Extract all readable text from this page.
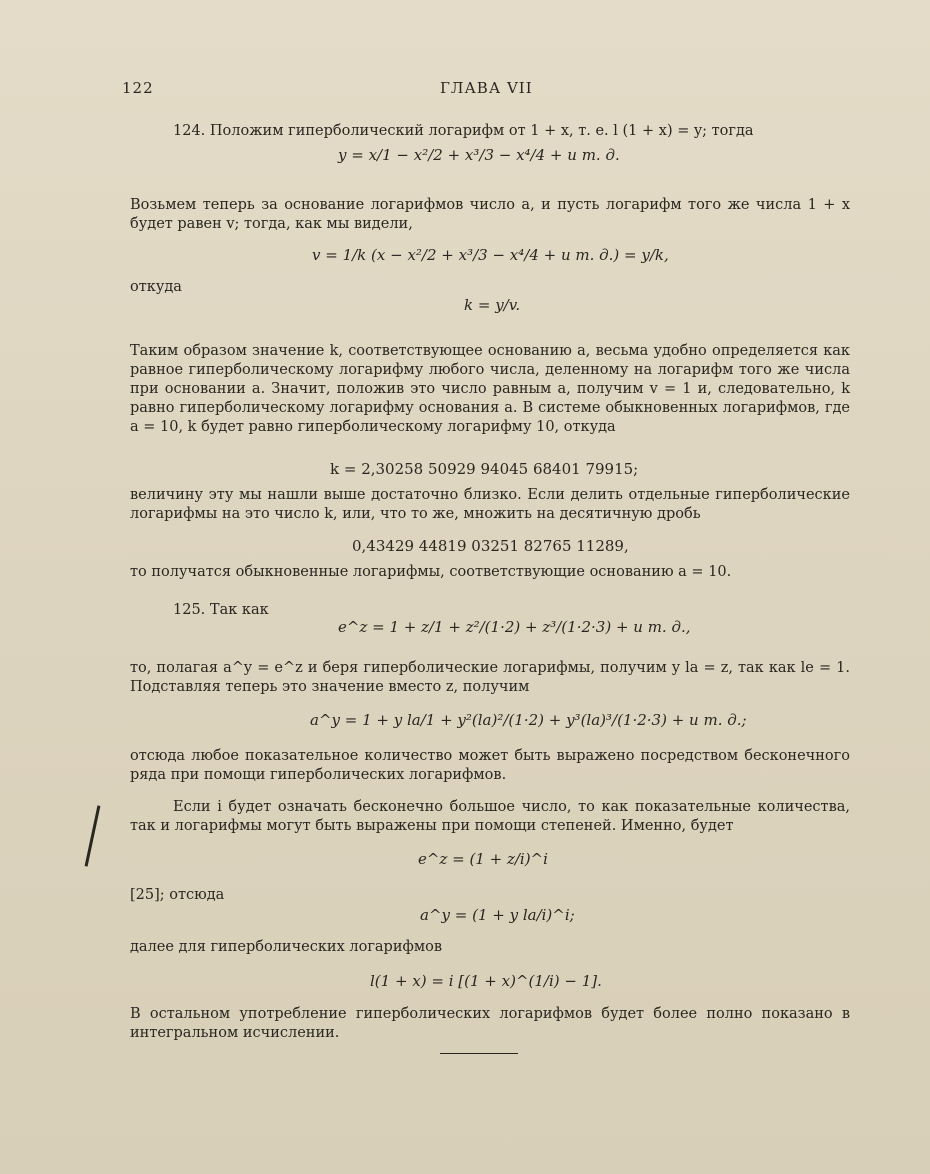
122	ГЛАВА VII
124. Положим гиперболический логарифм от 1 + x, т. е. l (1 + x) = y; тогда
y = x/1 − x²/2 + x³/3 − x⁴/4 + и т. д.
Возьмем теперь за основание логарифмов число a, и пусть логарифм того же числа 1 + x будет равен v; тогда, как мы видели,
v = 1/k (x − x²/2 + x³/3 − x⁴/4 + и т. д.) = y/k,
откуда
k = y/v.
Таким образом значение k, соответствующее основанию a, весьма удобно определяется как равное гиперболическому логарифму любого числа, деленному на логарифм того же числа при основании a. Значит, положив это число равным a, получим v = 1 и, следовательно, k равно гиперболическому логарифму основания a. В системе обыкновенных логарифмов, где a = 10, k будет равно гиперболическому логарифму 10, откуда
k = 2,30258 50929 94045 68401 79915;
величину эту мы нашли выше достаточно близко. Если делить отдельные гиперболические логарифмы на это число k, или, что то же, множить на десятичную дробь
0,43429 44819 03251 82765 11289,
то получатся обыкновенные логарифмы, соответствующие основанию a = 10.
125. Так как
e^z = 1 + z/1 + z²/(1·2) + z³/(1·2·3) + и т. д.,
то, полагая a^y = e^z и беря гиперболические логарифмы, получим y la = z, так как le = 1. Подставляя теперь это значение вместо z, получим
a^y = 1 + y la/1 + y²(la)²/(1·2) + y³(la)³/(1·2·3) + и т. д.;
отсюда любое показательное количество может быть выражено посредством бесконечного ряда при помощи гиперболических логарифмов.
Если i будет означать бесконечно большое число, то как показательные количества, так и логарифмы могут быть выражены при помощи степеней. Именно, будет
e^z = (1 + z/i)^i
[25]; отсюда
a^y = (1 + y la/i)^i;
далее для гиперболических логарифмов
l(1 + x) = i [(1 + x)^(1/i) − 1].
В остальном употребление гиперболических логарифмов будет более полно показано в интегральном исчислении.
